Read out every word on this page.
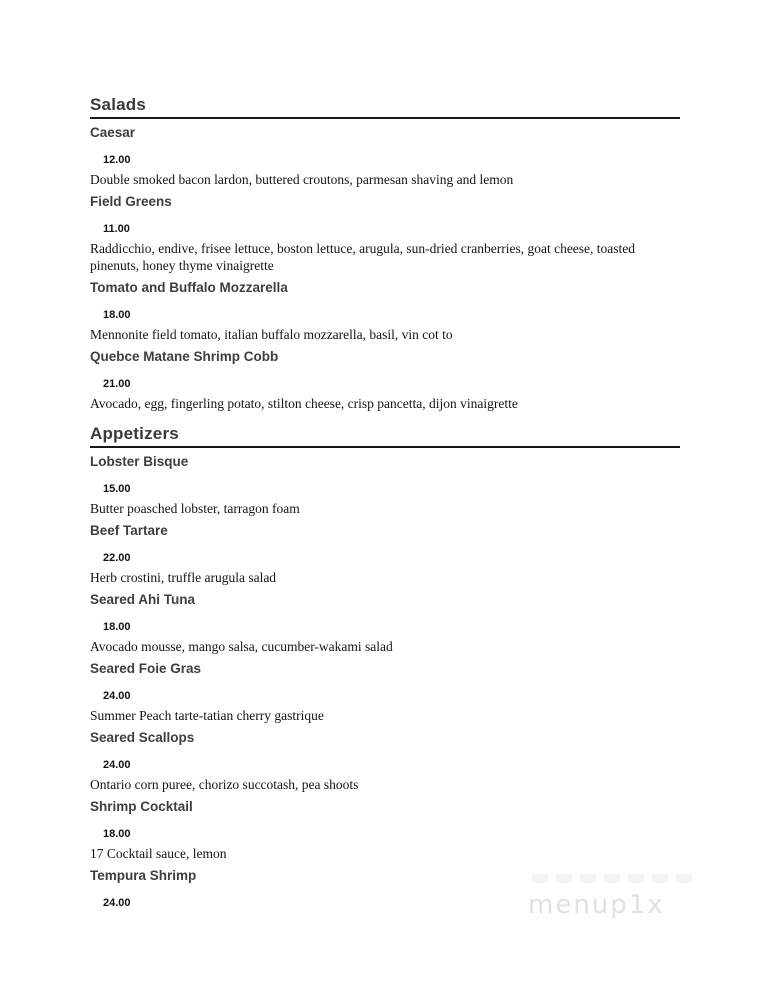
Salads
Caesar
12.00
Double smoked bacon lardon, buttered croutons, parmesan shaving and lemon
Field Greens
11.00
Raddicchio, endive, frisee lettuce, boston lettuce, arugula, sun-dried cranberries, goat cheese, toasted pinenuts, honey thyme vinaigrette
Tomato and Buffalo Mozzarella
18.00
Mennonite field tomato, italian buffalo mozzarella, basil, vin cot to
Quebce Matane Shrimp Cobb
21.00
Avocado, egg, fingerling potato, stilton cheese, crisp pancetta, dijon vinaigrette
Appetizers
Lobster Bisque
15.00
Butter poasched lobster, tarragon foam
Beef Tartare
22.00
Herb crostini, truffle arugula salad
Seared Ahi Tuna
18.00
Avocado mousse, mango salsa, cucumber-wakami salad
Seared Foie Gras
24.00
Summer Peach tarte-tatian cherry gastrique
Seared Scallops
24.00
Ontario corn puree, chorizo succotash, pea shoots
Shrimp Cocktail
18.00
17 Cocktail sauce, lemon
Tempura Shrimp
24.00	menup1x
